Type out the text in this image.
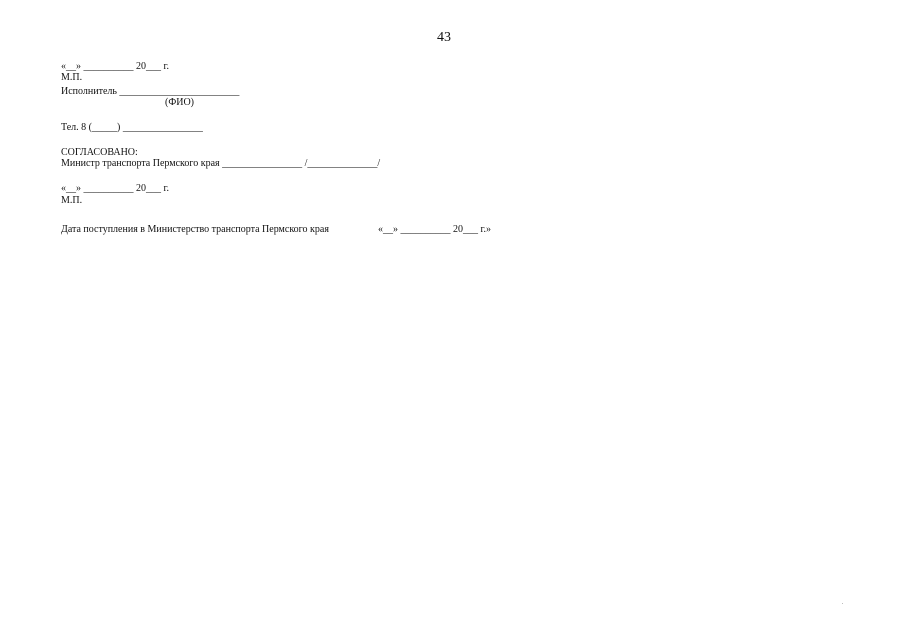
43
«__» __________ 20___ г.
М.П.
Исполнитель ________________________
(ФИО)
Тел. 8 (_____) ________________
СОГЛАСОВАНО:
Министр транспорта Пермского края ________________ /______________/
«__» __________ 20___ г.
М.П.
Дата поступления в Министерство транспорта Пермского края	«__» __________ 20___ г.»
